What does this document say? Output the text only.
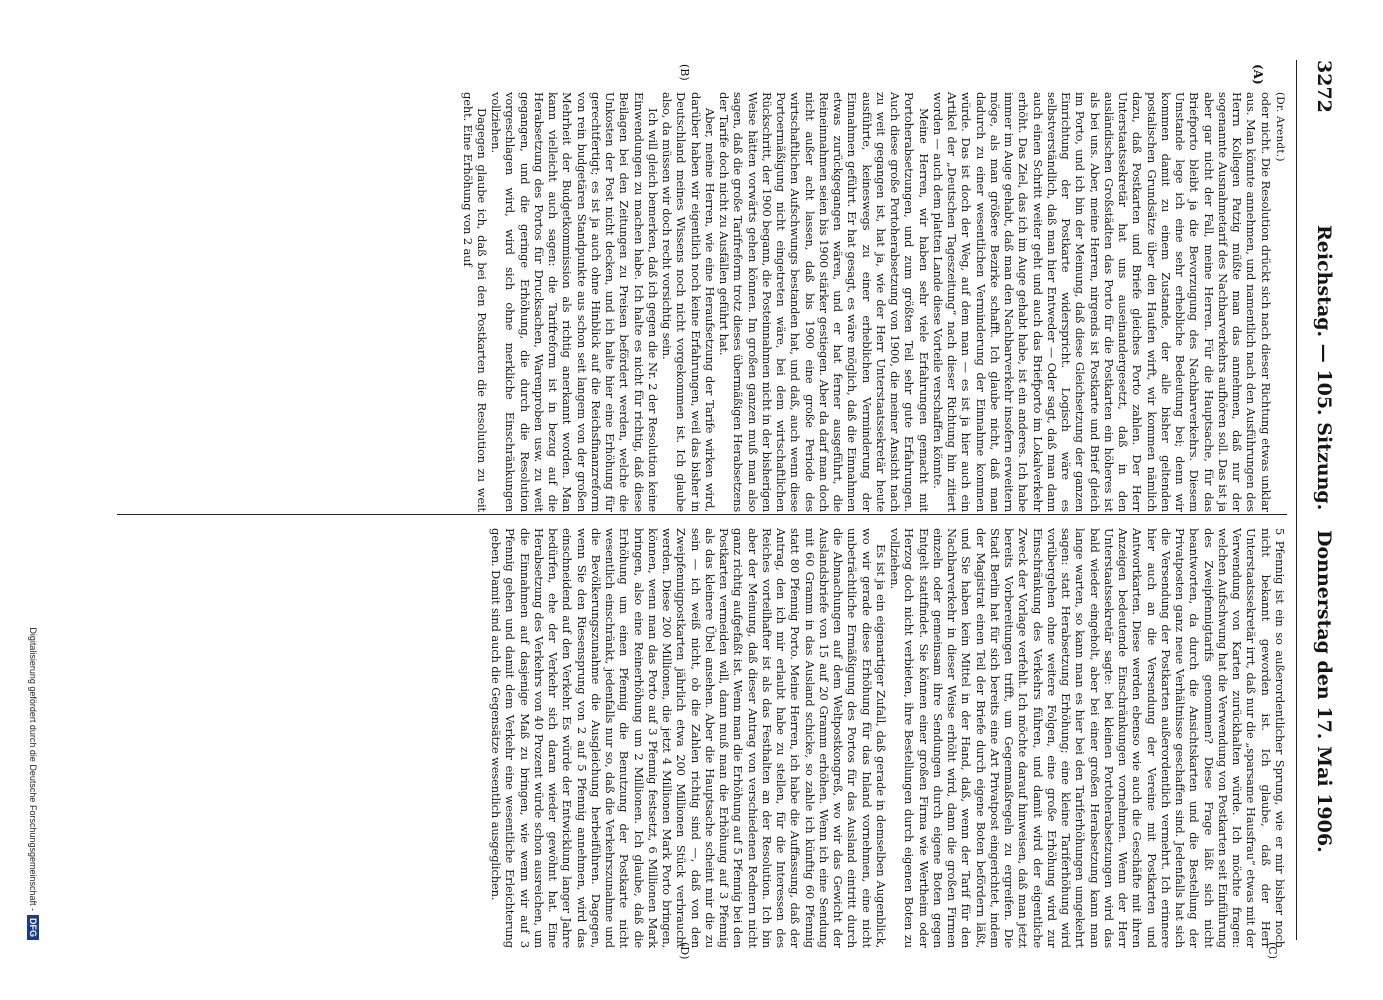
3272
Reichstag. — 105. Sitzung.
Donnerstag den 17. Mai 1906.
(A)
(B)
(C)
(D)

(Dr. Arendt.)

oder nicht. Die Resolution drückt sich nach dieser Richtung etwas unklar aus. Man könnte annehmen, und namentlich nach den Ausführungen des Herrn Kollegen Patzig müßte man das annehmen, daß nur der sogenannte Ausnahmetarif des Nachbarverkehrs aufhören soll. Das ist ja aber gar nicht der Fall, meine Herren. Für die Hauptsache, für das Briefporto bleibt ja die Bevorzugung des Nachbarverkehrs. Diesem Umstande lege ich eine sehr erhebliche Bedeutung bei; denn wir kommen damit zu einem Zustande, der alle bisher geltenden postalischen Grundsätze über den Haufen wirft, wir kommen nämlich dazu, daß Postkarten und Briefe gleiches Porto zahlen. Der Herr Unterstaatssekretär hat uns auseinandergesetzt, daß in den ausländischen Großstädten das Porto für die Postkarten ein höheres ist als bei uns. Aber, meine Herren, nirgends ist Postkarte und Brief gleich im Porto, und ich bin der Meinung, daß diese Gleichsetzung der ganzen Einrichtung der Postkarte widerspricht. Logisch wäre es selbstverständlich, daß man hier Entweder — Oder sagt, daß man dann auch einen Schritt weiter geht und auch das Briefporto im Lokalverkehr erhöht. Das Ziel, das ich im Auge gehabt habe, ist ein anderes. Ich habe immer im Auge gehabt, daß man den Nachbarverkehr insofern erweitern möge, als man größere Bezirke schafft. Ich glaube nicht, daß man dadurch zu einer wesentlichen Verminderung der Einnahme kommen würde. Das ist doch der Weg, auf dem man — es ist ja hier auch ein Artikel der „Deutschen Tageszeitung“ nach dieser Richtung hin zitiert worden — auch dem platten Lande diese Vorteile verschaffen könnte.

Meine Herren, wir haben sehr viele Erfahrungen gemacht mit Portoherabsetzungen, und zum größten Teil sehr gute Erfahrungen. Auch diese große Portoherabsetzung von 1900, die meiner Ansicht nach zu weit gegangen ist, hat ja, wie der Herr Unterstaatssekretär heute ausführte, keineswegs zu einer erheblichen Verminderung der Einnahmen geführt. Er hat gesagt, es wäre möglich, daß die Einnahmen etwas zurückgegangen wären, und er hat ferner ausgeführt, die Reineinnahmen seien bis 1900 stärker gestiegen. Aber da darf man doch nicht außer acht lassen, daß bis 1900 eine große Periode des wirtschaftlichen Aufschwungs bestanden hat, und daß, auch wenn diese Portoermäßigung nicht eingetreten wäre, bei dem wirtschaftlichen Rückschritt, der 1900 begann, die Posteinnahmen nicht in der bisherigen Weise hätten vorwärts gehen können. Im großen ganzen muß man also sagen, daß die große Tarifreform trotz dieses übermäßigen Herabsetzens der Tarife doch nicht zu Ausfällen geführt hat.

Aber, meine Herren, wie eine Heraufsetzung der Tarife wirken wird, darüber haben wir eigentlich noch keine Erfahrungen, weil das bisher in Deutschland meines Wissens noch nicht vorgekommen ist. Ich glaube also, da müssen wir doch recht vorsichtig sein.

Ich will gleich bemerken, daß ich gegen die Nr. 2 der Resolution keine Einwendungen zu machen habe. Ich halte es nicht für richtig, daß diese Beilagen bei den Zeitungen zu Preisen befördert werden, welche die Unkosten der Post nicht decken, und ich halte hier eine Erhöhung für gerechtfertigt; es ist ja auch ohne Hinblick auf die Reichsfinanzreform von rein budgetären Standpunkte aus schon seit langem von der großen Mehrheit der Budgetkommission als richtig anerkannt worden. Man kann vielleicht auch sagen: die Tarifreform ist in bezug auf die Herabsetzung des Portos für Drucksachen, Warenproben usw. zu weit gegangen, und die geringe Erhöhung, die durch die Resolution vorgeschlagen wird, wird sich ohne merkliche Einschränkungen vollziehen.

Dagegen glaube ich, daß bei den Postkarten die Resolution zu weit geht. Eine Erhöhung von 2 auf

5 Pfennig ist ein so außerordentlicher Sprung, wie er mir bisher noch nicht bekannt geworden ist. Ich glaube, daß der Herr Unterstaatssekretär irrt, daß nur die „sparsame Hausfrau“ etwas mit der Verwendung von Karten zurückhalten würde. Ich möchte fragen: welchen Aufschwung hat die Verwendung von Postkarten seit Einführung des Zweipfennigtarifs genommen? Diese Frage läßt sich nicht beantworten, da durch die Ansichtskarten und die Bestellung der Privatposten ganz neue Verhältnisse geschaffen sind. Jedenfalls hat sich die Versendung der Postkarten außerordentlich vermehrt. Ich erinnere hier auch an die Versendung der Vereine mit Postkarten und Antwortkarten. Diese werden ebenso wie auch die Geschäfte mit ihren Anzeigen bedeutende Einschränkungen vornehmen. Wenn der Herr Unterstaatssekretär sagte: bei kleinen Portoherabsetzungen wird das bald wieder eingeholt, aber bei einer großen Herabsetzung kann man lange warten, so kann man es hier bei den Tariferhöhungen umgekehrt sagen: statt Herabsetzung Erhöhung; eine kleine Tariferhöhung wird vorübergehen ohne weitere Folgen, eine große Erhöhung wird zur Einschränkung des Verkehrs führen, und damit wird der eigentliche Zweck der Vorlage verfehlt. Ich möchte darauf hinweisen, daß man jetzt bereits Vorbereitungen trifft, um Gegenmaßregeln zu ergreifen. Die Stadt Berlin hat für sich bereits eine Art Privatpost eingerichtet, indem der Magistrat einen Teil der Briefe durch eigene Boten befördern läßt, und Sie haben kein Mittel in der Hand, daß, wenn der Tarif für den Nachbarverkehr in dieser Weise erhöht wird, dann die großen Firmen einzeln oder gemeinsam ihre Sendungen durch eigene Boten gegen Entgelt stattfindet. Sie können einer großen Firma wie Wertheim oder Herzog doch nicht verbieten, ihre Bestellungen durch eigenen Boten zu vollziehen.

Es ist ja ein eigenartiger Zufall, daß gerade in demselben Augenblick, wo wir gerade diese Erhöhung für das Inland vornehmen, eine nicht unbeträchtliche Ermäßigung des Portos für das Ausland eintritt durch die Abmachungen auf dem Weltpostkongreß, wo wir das Gewicht der Auslandsbriefe von 15 auf 20 Gramm erhöhen. Wenn ich eine Sendung mit 60 Gramm in das Ausland schicke, so zahle ich künftig 60 Pfennig statt 80 Pfennig Porto. Meine Herren, ich habe die Auffassung, daß der Antrag, den ich mir erlaubt habe zu stellen, für die Interessen des Reiches vorteilhafter ist als das Festhalten an der Resolution. Ich bin aber der Meinung, daß dieser Antrag von verschiedenen Rednern nicht ganz richtig aufgefaßt ist. Wenn man die Erhöhung auf 5 Pfennig bei den Postkarten vermeiden will, dann muß man die Erhöhung auf 3 Pfennig als das kleinere Übel ansehen. Aber die Hauptsache scheint mir die zu sein — ich weiß nicht, ob die Zahlen richtig sind —, daß von den Zweipfennigpostkarten jährlich etwa 200 Millionen Stück verbraucht werden. Diese 200 Millionen, die jetzt 4 Millionen Mark Porto bringen, können, wenn man das Porto auf 3 Pfennig festsetzt, 6 Millionen Mark bringen, also eine Reinerhöhung um 2 Millionen. Ich glaube, daß die Erhöhung um einen Pfennig die Benutzung der Postkarte nicht wesentlich einschränkt, jedenfalls nur so, daß die Verkehrszunahme und die Bevölkerungszunahme die Ausgleichung herbeiführen. Dagegen, wenn Sie den Riesensprung von 2 auf 5 Pfennig annehmen, wird das einschneidend auf den Verkehr. Es würde der Entwicklung langer Jahre bedürfen, ehe der Verkehr sich daran wieder gewöhnt hat. Eine Herabsetzung des Verkehrs von 40 Prozent würde schon ausreichen, um die Einnahmen auf dasjenige Maß zu bringen, wie wenn wir auf 3 Pfennig gehen und damit dem Verkehr eine wesentliche Erleichterung geben. Damit sind auch die Gegensätze wesentlich ausgeglichen.

Digitalisierung gefördert durch die Deutsche Forschungsgemeinschaft -DFG
